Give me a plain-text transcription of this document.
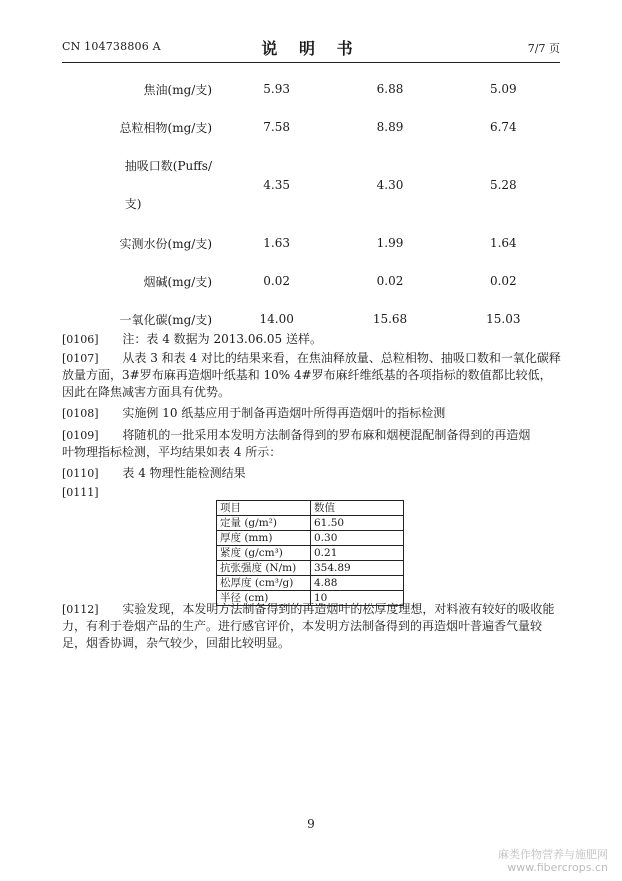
CN 104738806 A	说 明 书	7/7 页
焦油(mg/支)	5.93	6.88	5.09
总粒相物(mg/支)	7.58	8.89	6.74
抽吸口数(Puffs/
支)	4.35	4.30	5.28
实测水份(mg/支)	1.63	1.99	1.64
烟碱(mg/支)	0.02	0.02	0.02
一氧化碳(mg/支)	14.00	15.68	15.03
[0106] 注：表 4 数据为 2013.06.05 送样。
[0107] 从表 3 和表 4 对比的结果来看，在焦油释放量、总粒相物、抽吸口数和一氧化碳释
放量方面，3#罗布麻再造烟叶纸基和 10% 4#罗布麻纤维纸基的各项指标的数值都比较低，
因此在降焦减害方面具有优势。
[0108] 实施例 10 纸基应用于制备再造烟叶所得再造烟叶的指标检测
[0109] 将随机的一批采用本发明方法制备得到的罗布麻和烟梗混配制备得到的再造烟
叶物理指标检测，平均结果如表 4 所示：
[0110] 表 4 物理性能检测结果
[0111]
项目	数值
定量 (g/m²)	61.50
厚度 (mm)	0.30
紧度 (g/cm³)	0.21
抗张强度 (N/m)	354.89
松厚度 (cm³/g)	4.88
半径 (cm)	10
[0112] 实验发现，本发明方法制备得到的再造烟叶的松厚度理想，对料液有较好的吸收能
力，有利于卷烟产品的生产。进行感官评价，本发明方法制备得到的再造烟叶普遍香气量较
足，烟香协调，杂气较少，回甜比较明显。
9
麻类作物营养与施肥网
www.fibercrops.cn
